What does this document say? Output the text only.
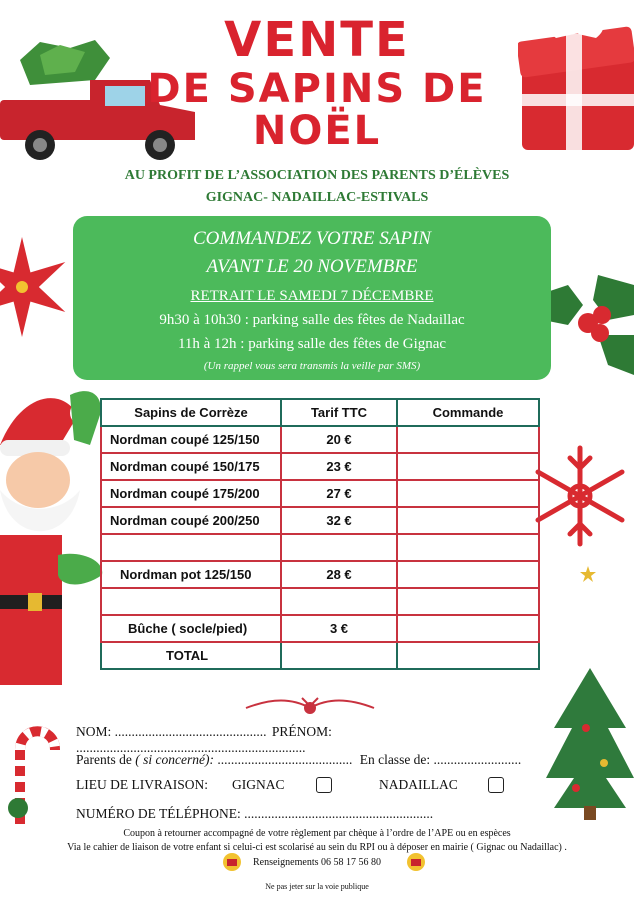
VENTE
DE SAPINS DE
NOËL
AU PROFIT DE L’ASSOCIATION DES PARENTS D’ÉLÈVES
GIGNAC- NADAILLAC-ESTIVALS
COMMANDEZ VOTRE SAPIN
AVANT LE 20 NOVEMBRE
RETRAIT LE SAMEDI 7 DÉCEMBRE
9h30 à 10h30 : parking salle des fêtes de Nadaillac
11h à 12h : parking salle des fêtes de Gignac
(Un rappel vous sera transmis la veille par SMS)
Sapins de Corrèze	Tarif TTC	Commande
Nordman coupé 125/150	20 €	
Nordman coupé 150/175	23 €	
Nordman coupé 175/200	27 €	
Nordman coupé 200/250	32 €	

Nordman pot 125/150	28 €	

Bûche ( socle/pied)	3 €	
TOTAL		
NOM: ............................................. PRÉNOM: ....................................................................
Parents de ( si concerné): ........................................ En classe de: ..........................
LIEU DE LIVRAISON: GIGNAC	NADAILLAC
NUMÉRO DE TÉLÉPHONE: ........................................................
Coupon à retourner accompagné de votre règlement par chèque à l’ordre de l’APE ou en espèces
Via le cahier de liaison de votre enfant si celui-ci est scolarisé au sein du RPI ou à déposer en mairie ( Gignac ou Nadaillac) .
Renseignements 06 58 17 56 80
Ne pas jeter sur la voie publique
